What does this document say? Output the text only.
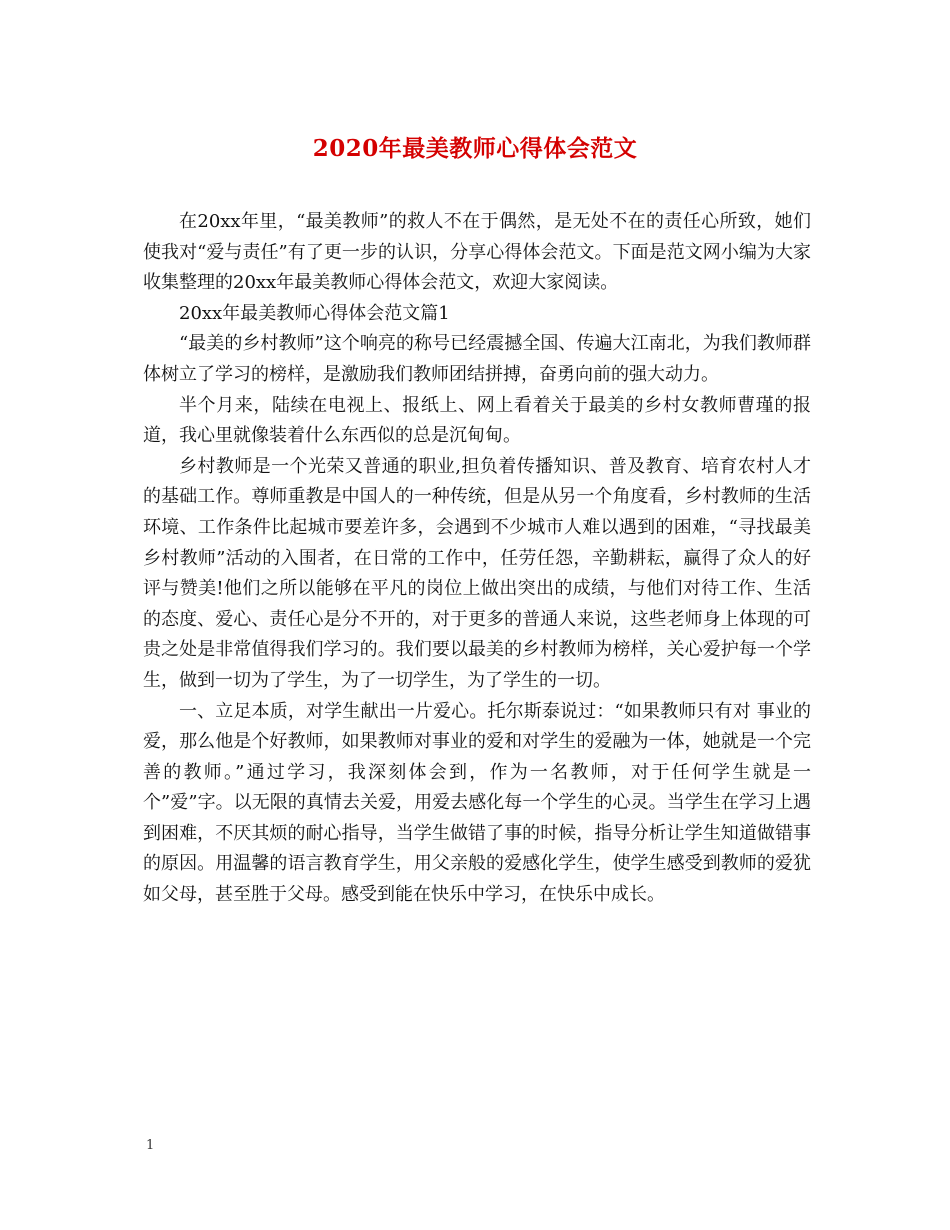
2020年最美教师心得体会范文

在20xx年里，“最美教师”的救人不在于偶然，是无处不在的责任心所致，她们使我对“爱与责任”有了更一步的认识，分享心得体会范文。下面是范文网小编为大家收集整理的20xx年最美教师心得体会范文，欢迎大家阅读。

20xx年最美教师心得体会范文篇1

“最美的乡村教师”这个响亮的称号已经震撼全国、传遍大江南北，为我们教师群体树立了学习的榜样，是激励我们教师团结拼搏，奋勇向前的强大动力。

半个月来，陆续在电视上、报纸上、网上看着关于最美的乡村女教师曹瑾的报道，我心里就像装着什么东西似的总是沉甸甸。

乡村教师是一个光荣又普通的职业,担负着传播知识、普及教育、培育农村人才的基础工作。尊师重教是中国人的一种传统，但是从另一个角度看，乡村教师的生活环境、工作条件比起城市要差许多，会遇到不少城市人难以遇到的困难，“寻找最美乡村教师”活动的入围者，在日常的工作中，任劳任怨，辛勤耕耘，赢得了众人的好评与赞美!他们之所以能够在平凡的岗位上做出突出的成绩，与他们对待工作、生活的态度、爱心、责任心是分不开的，对于更多的普通人来说，这些老师身上体现的可贵之处是非常值得我们学习的。我们要以最美的乡村教师为榜样，关心爱护每一个学生，做到一切为了学生，为了一切学生，为了学生的一切。

一、立足本质，对学生献出一片爱心。托尔斯泰说过：“如果教师只有对 事业的爱，那么他是个好教师，如果教师对事业的爱和对学生的爱融为一体，她就是一个完善的教师。”通过学习，我深刻体会到，作为一名教师，对于任何学生就是一个”爱”字。以无限的真情去关爱，用爱去感化每一个学生的心灵。当学生在学习上遇到困难，不厌其烦的耐心指导，当学生做错了事的时候，指导分析让学生知道做错事的原因。用温馨的语言教育学生，用父亲般的爱感化学生，使学生感受到教师的爱犹如父母，甚至胜于父母。感受到能在快乐中学习，在快乐中成长。

1
